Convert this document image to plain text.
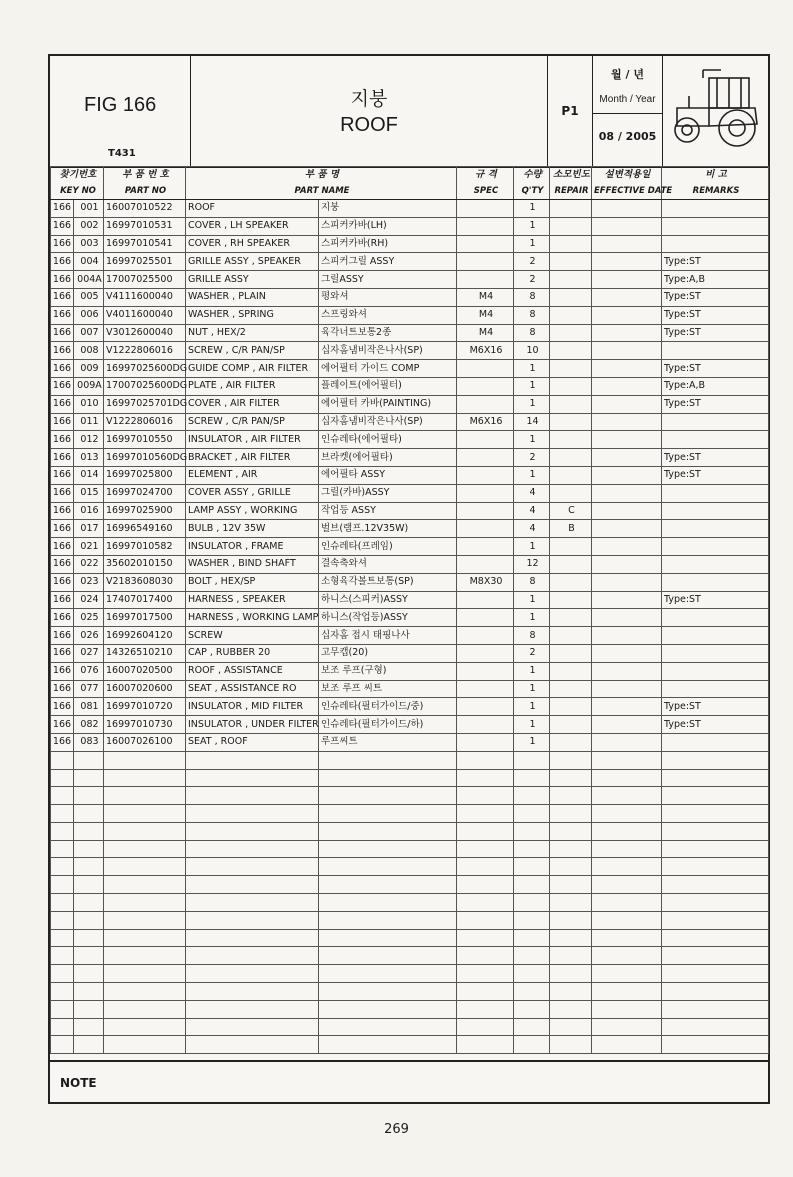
FIG 166
T431
지붕
ROOF
P1
월 / 년
Month / Year
08 / 2005
찾기번호		부 품 번 호	부 품 명		규 격	수량	소모빈도	설변적용일	비 고
KEY NO		PART NO	PART NAME		SPEC	Q'TY	REPAIR	EFFECTIVE DATE	REMARKS
166	001	16007010522	ROOF	지붕		1			
166	002	16997010531	COVER , LH SPEAKER	스피커카바(LH)		1			
166	003	16997010541	COVER , RH SPEAKER	스피커카바(RH)		1			
166	004	16997025501	GRILLE ASSY , SPEAKER	스피커그릴 ASSY		2			Type:ST
166	004A	17007025500	GRILLE ASSY	그릴ASSY		2			Type:A,B
166	005	V4111600040	WASHER , PLAIN	평와셔	M4	8			Type:ST
166	006	V4011600040	WASHER , SPRING	스프링와셔	M4	8			Type:ST
166	007	V3012600040	NUT , HEX/2	육각너트보통2종	M4	8			Type:ST
166	008	V1222806016	SCREW , C/R PAN/SP	십자홈냄비작은나사(SP)	M6X16	10			
166	009	16997025600DG	GUIDE COMP , AIR FILTER	에어필터 가이드 COMP		1			Type:ST
166	009A	17007025600DG	PLATE , AIR FILTER	플레이트(에어필터)		1			Type:A,B
166	010	16997025701DG	COVER , AIR FILTER	에어필터 카바(PAINTING)		1			Type:ST
166	011	V1222806016	SCREW , C/R PAN/SP	십자홈냄비작은나사(SP)	M6X16	14			
166	012	16997010550	INSULATOR , AIR FILTER	인슈레타(에어필타)		1			
166	013	16997010560DG	BRACKET , AIR FILTER	브라켓(에어필타)		2			Type:ST
166	014	16997025800	ELEMENT , AIR	에어필타 ASSY		1			Type:ST
166	015	16997024700	COVER ASSY , GRILLE	그릴(카바)ASSY		4			
166	016	16997025900	LAMP ASSY , WORKING	작업등 ASSY		4	C		
166	017	16996549160	BULB , 12V 35W	벌브(램프.12V35W)		4	B		
166	021	16997010582	INSULATOR , FRAME	인슈레타(프레임)		1			
166	022	35602010150	WASHER , BIND SHAFT	결속축와셔		12			
166	023	V2183608030	BOLT , HEX/SP	소형육각볼트보통(SP)	M8X30	8			
166	024	17407017400	HARNESS , SPEAKER	하니스(스피커)ASSY		1			Type:ST
166	025	16997017500	HARNESS , WORKING LAMP	하니스(작업등)ASSY		1			
166	026	16992604120	SCREW	십자홈 접시 태핑나사		8			
166	027	14326510210	CAP , RUBBER 20	고무캡(20)		2			
166	076	16007020500	ROOF , ASSISTANCE	보조 루프(구형)		1			
166	077	16007020600	SEAT , ASSISTANCE RO	보조 루프 씨트		1			
166	081	16997010720	INSULATOR , MID FILTER	인슈레타(필터가이드/중)		1			Type:ST
166	082	16997010730	INSULATOR , UNDER FILTER	인슈레타(필터가이드/하)		1			Type:ST
166	083	16007026100	SEAT , ROOF	루프씨트		1			

NOTE
269
